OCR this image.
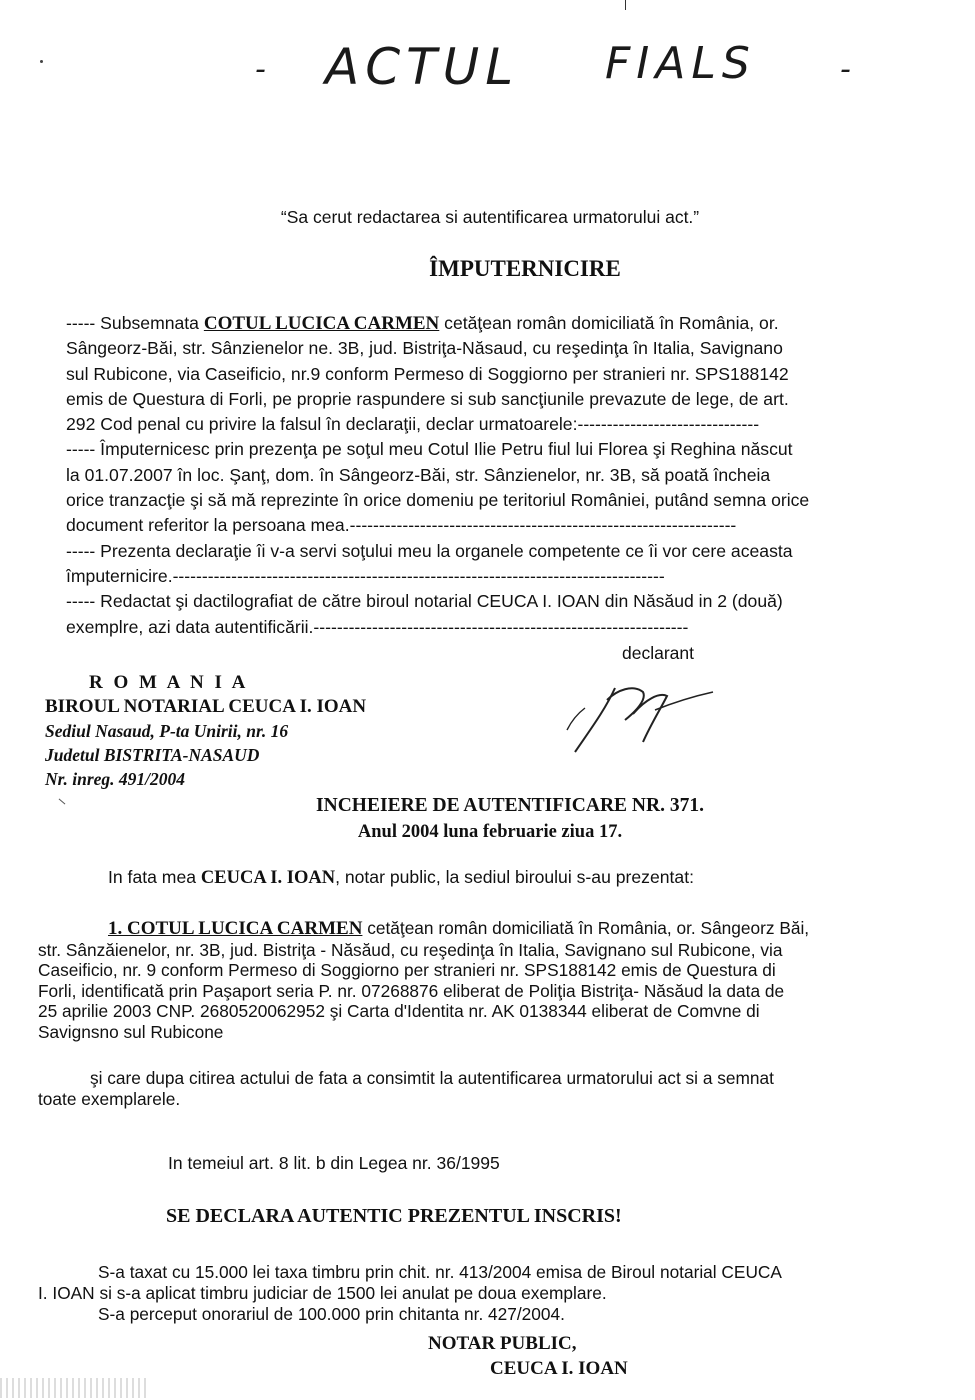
- ACTUL FIALS	-
“Sa cerut redactarea si autentificarea urmatorului act.”
ÎMPUTERNICIRE
----- Subsemnata COTUL LUCICA CARMEN cetăţean român domiciliată în România, or.
Sângeorz-Băi, str. Sânzienelor ne. 3B, jud. Bistriţa-Năsaud, cu reşedinţa în Italia, Savignano
sul Rubicone, via Caseificio, nr.9 conform Permeso di Soggiorno per stranieri nr. SPS188142
emis de Questura di Forli, pe proprie raspundere si sub sancţiunile prevazute de lege, de art.
292 Cod penal cu privire la falsul în declaraţii, declar urmatoarele:-------------------------------
----- Împuternicesc prin prezenţa pe soţul meu Cotul Ilie Petru fiul lui Florea şi Reghina născut
la 01.07.2007 în loc. Şanţ, dom. în Sângeorz-Băi, str. Sânzienelor, nr. 3B, să poată încheia
orice tranzacţie şi să mă reprezinte în orice domeniu pe teritoriul României, putând semna orice
document referitor la persoana mea.------------------------------------------------------------------
----- Prezenta declaraţie îi v-a servi soţului meu la organele competente ce îi vor cere aceasta
împuternicire.------------------------------------------------------------------------------------
----- Redactat şi dactilografiat de către biroul notarial CEUCA I. IOAN din Năsăud in 2 (două)
exemplre, azi data autentificării.----------------------------------------------------------------
declarant
R O M A N I A
BIROUL NOTARIAL CEUCA I. IOAN
Sediul Nasaud, P-ta Unirii, nr. 16
Judetul BISTRITA-NASAUD
Nr. inreg. 491/2004
INCHEIERE DE AUTENTIFICARE NR. 371.
Anul 2004 luna februarie ziua 17.
In fata mea CEUCA I. IOAN, notar public, la sediul biroului s-au prezentat:
1. COTUL LUCICA CARMEN cetăţean român domiciliată în România, or. Sângeorz Băi,
str. Sânzăienelor, nr. 3B, jud. Bistriţa - Năsăud, cu reşedinţa în Italia, Savignano sul Rubicone, via
Caseificio, nr. 9 conform Permeso di Soggiorno per stranieri nr. SPS188142 emis de Questura di
Forli, identificată prin Paşaport seria P. nr. 07268876 eliberat de Poliţia Bistriţa- Năsăud la data de
25 aprilie 2003 CNP. 2680520062952 şi Carta d'Identita nr. AK 0138344 eliberat de Comvne di
Savignsno sul Rubicone
şi care dupa citirea actului de fata a consimtit la autentificarea urmatorului act si a semnat
toate exemplarele.
In temeiul art. 8 lit. b din Legea nr. 36/1995
SE DECLARA AUTENTIC PREZENTUL INSCRIS!
S-a taxat cu 15.000 lei taxa timbru prin chit. nr. 413/2004 emisa de Biroul notarial CEUCA
I. IOAN si s-a aplicat timbru judiciar de 1500 lei anulat pe doua exemplare.
S-a perceput onorariul de 100.000 prin chitanta nr. 427/2004.
NOTAR PUBLIC,
CEUCA I. IOAN
